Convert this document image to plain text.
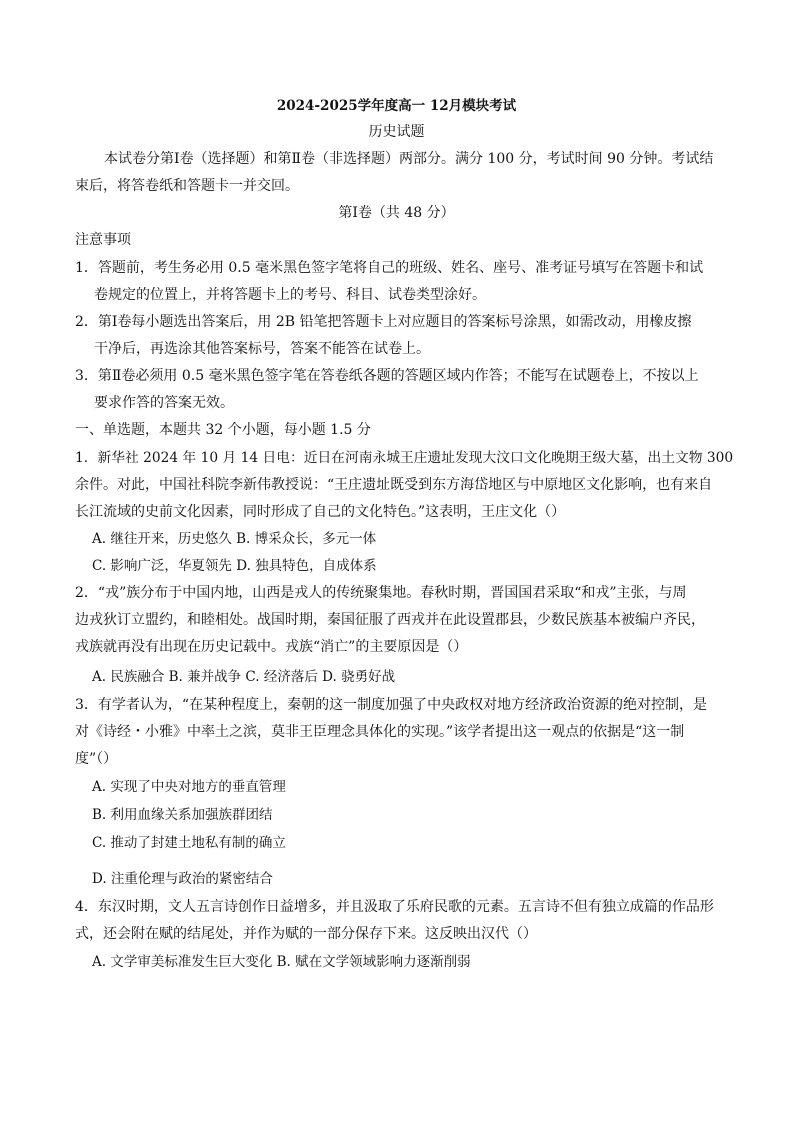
2024-2025学年度高一 12月模块考试
历史试题
本试卷分第Ⅰ卷（选择题）和第Ⅱ卷（非选择题）两部分。满分 100 分，考试时间 90 分钟。考试结
束后，将答卷纸和答题卡一并交回。
第Ⅰ卷（共 48 分）
注意事项
1．答题前，考生务必用 0.5 毫米黑色签字笔将自己的班级、姓名、座号、准考证号填写在答题卡和试
卷规定的位置上，并将答题卡上的考号、科目、试卷类型涂好。
2．第Ⅰ卷每小题选出答案后，用 2B 铅笔把答题卡上对应题目的答案标号涂黑，如需改动，用橡皮擦
干净后，再选涂其他答案标号，答案不能答在试卷上。
3．第Ⅱ卷必须用 0.5 毫米黑色签字笔在答卷纸各题的答题区域内作答；不能写在试题卷上，不按以上
要求作答的答案无效。
一、单选题，本题共 32 个小题，每小题 1.5 分
1．新华社 2024 年 10 月 14 日电：近日在河南永城王庄遗址发现大汶口文化晚期王级大墓，出土文物 300
余件。对此，中国社科院李新伟教授说：“王庄遗址既受到东方海岱地区与中原地区文化影响，也有来自
长江流域的史前文化因素，同时形成了自己的文化特色。”这表明，王庄文化（）
A. 继往开来，历史悠久 B. 博采众长，多元一体
C. 影响广泛，华夏领先 D. 独具特色，自成体系
2．“戎”族分布于中国内地，山西是戎人的传统聚集地。春秋时期，晋国国君采取“和戎”主张，与周
边戎狄订立盟约，和睦相处。战国时期，秦国征服了西戎并在此设置郡县，少数民族基本被编户齐民，
戎族就再没有出现在历史记载中。戎族“消亡”的主要原因是（）
A. 民族融合 B. 兼并战争 C. 经济落后 D. 骁勇好战
3．有学者认为，“在某种程度上，秦朝的这一制度加强了中央政权对地方经济政治资源的绝对控制，是
对《诗经・小雅》中率土之滨，莫非王臣理念具体化的实现。”该学者提出这一观点的依据是“这一制
度”（）
A. 实现了中央对地方的垂直管理
B. 利用血缘关系加强族群团结
C. 推动了封建土地私有制的确立
D. 注重伦理与政治的紧密结合
4．东汉时期，文人五言诗创作日益增多，并且汲取了乐府民歌的元素。五言诗不但有独立成篇的作品形
式，还会附在赋的结尾处，并作为赋的一部分保存下来。这反映出汉代（）
A. 文学审美标准发生巨大变化 B. 赋在文学领域影响力逐渐削弱
